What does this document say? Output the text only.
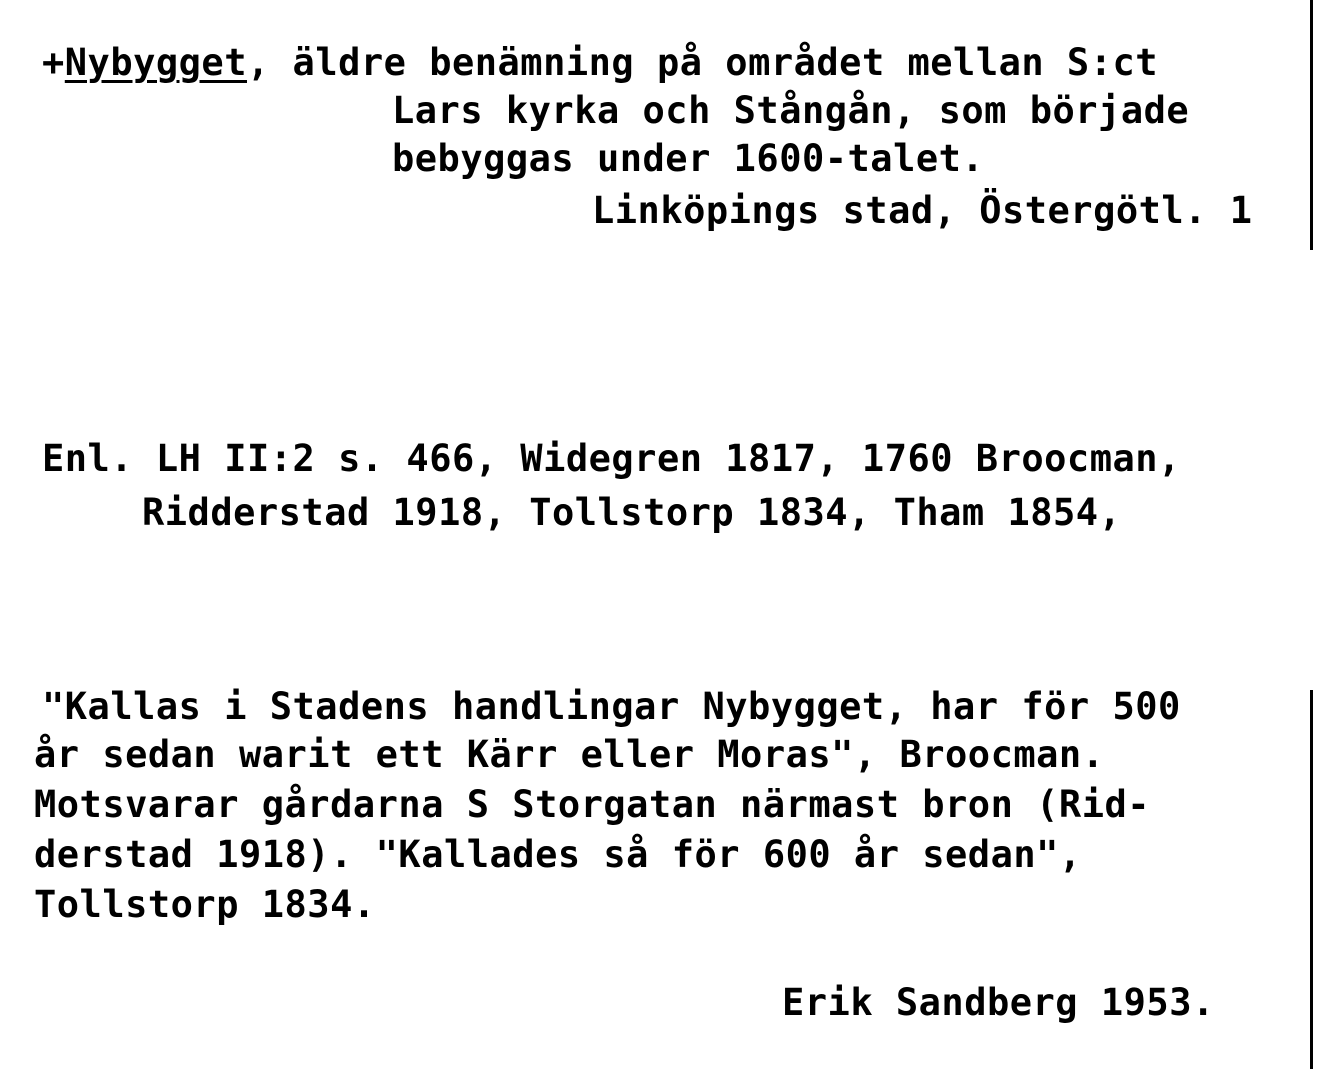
+Nybygget, äldre benämning på området mellan S:ct
Lars kyrka och Stångån, som började
bebyggas under 1600-talet.
Linköpings stad, Östergötl. 1
Enl. LH II:2 s. 466, Widegren 1817, 1760 Broocman,
Ridderstad 1918, Tollstorp 1834, Tham 1854,
"Kallas i Stadens handlingar Nybygget, har för 500
år sedan warit ett Kärr eller Moras", Broocman.
Motsvarar gårdarna S Storgatan närmast bron (Rid-
derstad 1918). "Kallades så för 600 år sedan",
Tollstorp 1834.
Erik Sandberg 1953.
